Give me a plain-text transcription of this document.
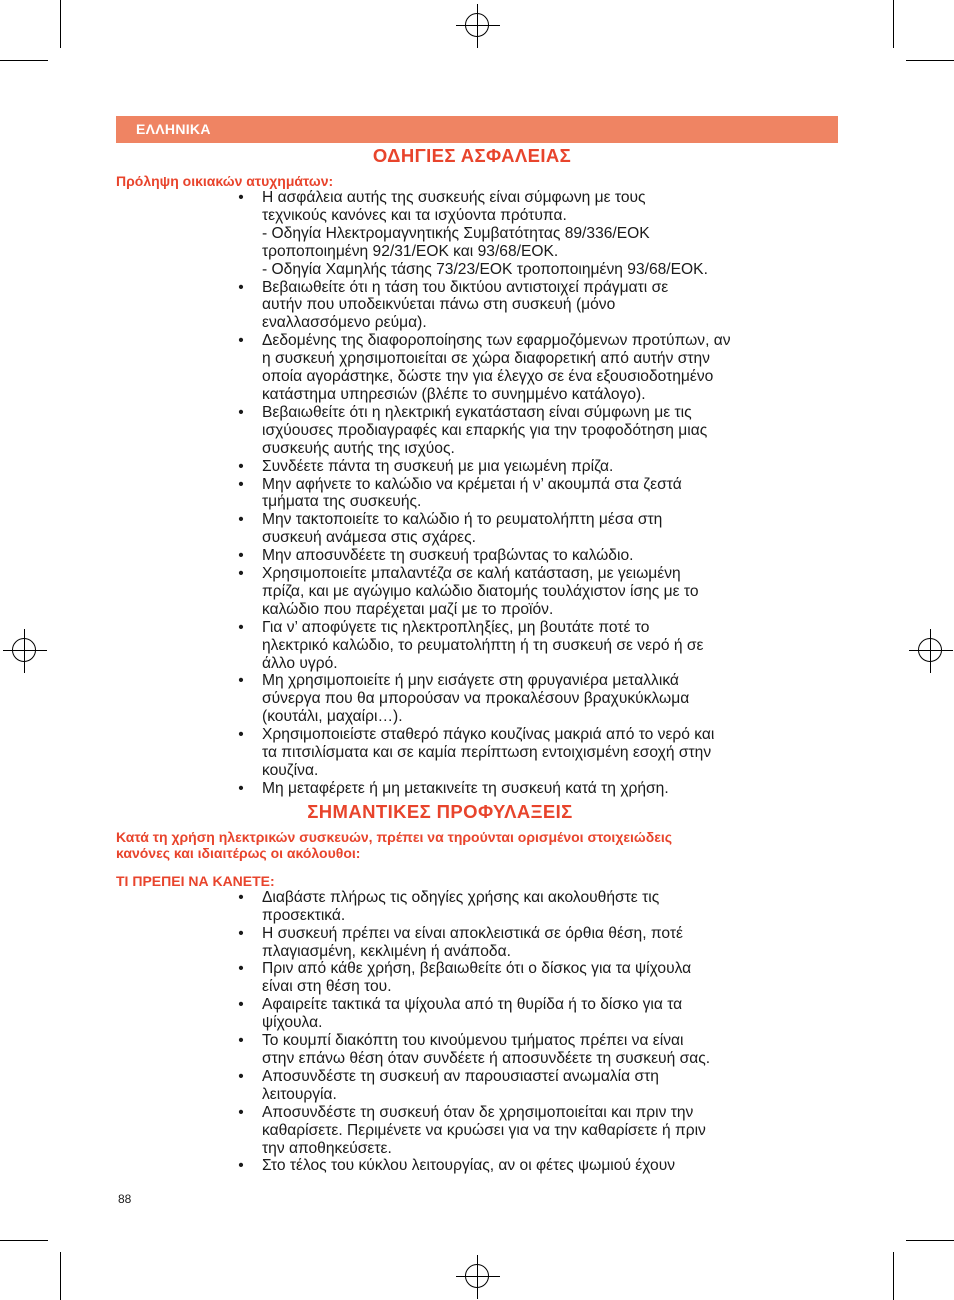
ΕΛΛΗΝΙΚΑ
ΟΔΗΓΙΕΣ ΑΣΦΑΛΕΙΑΣ
Πρόληψη οικιακών ατυχημάτων:
• Η ασφάλεια αυτής της συσκευής είναι σύμφωνη με τους
τεχνικούς κανόνες και τα ισχύοντα πρότυπα.
- Οδηγία Ηλεκτρομαγνητικής Συμβατότητας 89/336/ΕΟΚ
τροποποιημένη 92/31/ΕΟΚ και 93/68/ΕΟΚ.
- Οδηγία Χαμηλής τάσης 73/23/ΕΟΚ τροποποιημένη 93/68/ΕΟΚ.
• Βεβαιωθείτε ότι η τάση του δικτύου αντιστοιχεί πράγματι σε
αυτήν που υποδεικνύεται πάνω στη συσκευή (μόνο
εναλλασσόμενο ρεύμα).
• Δεδομένης της διαφοροποίησης των εφαρμοζόμενων προτύπων, αν
η συσκευή χρησιμοποιείται σε χώρα διαφορετική από αυτήν στην
οποία αγοράστηκε, δώστε την για έλεγχο σε ένα εξουσιοδοτημένο
κατάστημα υπηρεσιών (βλέπε το συνημμένο κατάλογο).
• Βεβαιωθείτε ότι η ηλεκτρική εγκατάσταση είναι σύμφωνη με τις
ισχύουσες προδιαγραφές και επαρκής για την τροφοδότηση μιας
συσκευής αυτής της ισχύος.
• Συνδέετε πάντα τη συσκευή με μια γειωμένη πρίζα.
• Μην αφήνετε το καλώδιο να κρέμεται ή ν’ ακουμπά στα ζεστά
τμήματα της συσκευής.
• Μην τακτοποιείτε το καλώδιο ή το ρευματολήπτη μέσα στη
συσκευή ανάμεσα στις σχάρες.
• Μην αποσυνδέετε τη συσκευή τραβώντας το καλώδιο.
• Χρησιμοποιείτε μπαλαντέζα σε καλή κατάσταση, με γειωμένη
πρίζα, και με αγώγιμο καλώδιο διατομής τουλάχιστον ίσης με το
καλώδιο που παρέχεται μαζί με το προϊόν.
• Για ν’ αποφύγετε τις ηλεκτροπληξίες, μη βουτάτε ποτέ το
ηλεκτρικό καλώδιο, το ρευματολήπτη ή τη συσκευή σε νερό ή σε
άλλο υγρό.
• Μη χρησιμοποιείτε ή μην εισάγετε στη φρυγανιέρα μεταλλικά
σύνεργα που θα μπορούσαν να προκαλέσουν βραχυκύκλωμα
(κουτάλι, μαχαίρι…).
• Χρησιμοποιείστε σταθερό πάγκο κουζίνας μακριά από το νερό και
τα πιτσιλίσματα και σε καμία περίπτωση εντοιχισμένη εσοχή στην
κουζίνα.
• Μη μεταφέρετε ή μη μετακινείτε τη συσκευή κατά τη χρήση.
ΣΗΜΑΝΤΙΚΕΣ ΠΡΟΦΥΛΑΞΕΙΣ
Κατά τη χρήση ηλεκτρικών συσκευών, πρέπει να τηρούνται ορισμένοι στοιχειώδεις
κανόνες και ιδιαιτέρως οι ακόλουθοι:
ΤΙ ΠΡΕΠΕΙ ΝΑ ΚΑΝΕΤΕ:
• Διαβάστε πλήρως τις οδηγίες χρήσης και ακολουθήστε τις
προσεκτικά.
• Η συσκευή πρέπει να είναι αποκλειστικά σε όρθια θέση, ποτέ
πλαγιασμένη, κεκλιμένη ή ανάποδα.
• Πριν από κάθε χρήση, βεβαιωθείτε ότι ο δίσκος για τα ψίχουλα
είναι στη θέση του.
• Αφαιρείτε τακτικά τα ψίχουλα από τη θυρίδα ή το δίσκο για τα
ψίχουλα.
• Το κουμπί διακόπτη του κινούμενου τμήματος πρέπει να είναι
στην επάνω θέση όταν συνδέετε ή αποσυνδέετε τη συσκευή σας.
• Αποσυνδέστε τη συσκευή αν παρουσιαστεί ανωμαλία στη
λειτουργία.
• Αποσυνδέστε τη συσκευή όταν δε χρησιμοποιείται και πριν την
καθαρίσετε. Περιμένετε να κρυώσει για να την καθαρίσετε ή πριν
την αποθηκεύσετε.
• Στο τέλος του κύκλου λειτουργίας, αν οι φέτες ψωμιού έχουν
88
